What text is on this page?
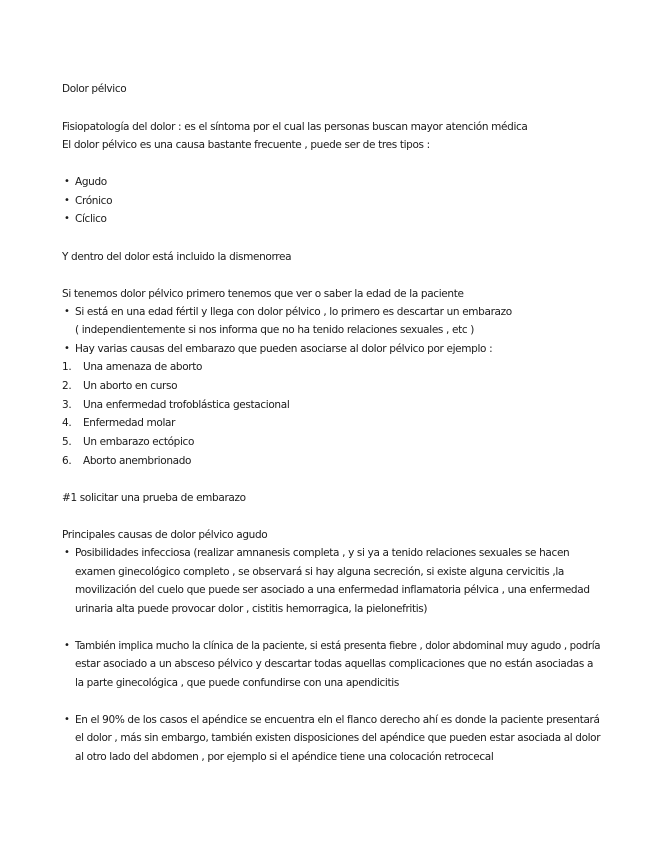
Dolor pélvico
Fisiopatología del dolor : es el síntoma por el cual las personas buscan mayor atención médica
El dolor pélvico es una causa bastante frecuente , puede ser de tres tipos :
• Agudo
• Crónico
• Cíclico
Y dentro del dolor está incluido la dismenorrea
Si tenemos dolor pélvico primero tenemos que ver o saber la edad de la paciente
• Si está en una edad fértil y llega con dolor pélvico , lo primero es descartar un embarazo
( independientemente si nos informa que no ha tenido relaciones sexuales , etc )
• Hay varias causas del embarazo que pueden asociarse al dolor pélvico por ejemplo :
1. Una amenaza de aborto
2. Un aborto en curso
3. Una enfermedad trofoblástica gestacional
4. Enfermedad molar
5. Un embarazo ectópico
6. Aborto anembrionado
#1 solicitar una prueba de embarazo
Principales causas de dolor pélvico agudo
• Posibilidades infecciosa (realizar amnanesis completa , y si ya a tenido relaciones sexuales se hacen
examen ginecológico completo , se observará si hay alguna secreción, si existe alguna cervicitis ,la
movilización del cuelo que puede ser asociado a una enfermedad inflamatoria pélvica , una enfermedad
urinaria alta puede provocar dolor , cistitis hemorragica, la pielonefritis)
• También implica mucho la clínica de la paciente, si está presenta fiebre , dolor abdominal muy agudo , podría
estar asociado a un absceso pélvico y descartar todas aquellas complicaciones que no están asociadas a
la parte ginecológica , que puede confundirse con una apendicitis
• En el 90% de los casos el apéndice se encuentra eln el flanco derecho ahí es donde la paciente presentará
el dolor , más sin embargo, también existen disposiciones del apéndice que pueden estar asociada al dolor
al otro lado del abdomen , por ejemplo si el apéndice tiene una colocación retrocecal
